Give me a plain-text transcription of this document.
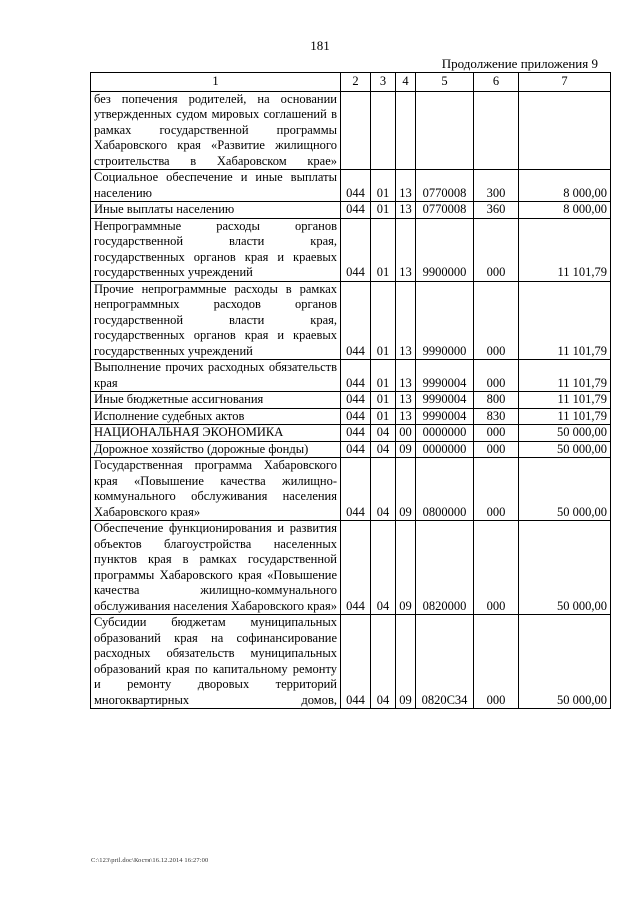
181
Продолжение приложения 9
1	2	3	4	5	6	7
без попечения родителей, на основании утвержденных судом мировых соглашений в рамках государственной программы Хабаровского края «Развитие жилищного строительства в Хабаровском крае»						
Социальное обеспечение и иные выплаты населению	044	01	13	0770008	300	8 000,00
Иные выплаты населению	044	01	13	0770008	360	8 000,00
Непрограммные расходы органов государственной власти края, государственных органов края и краевых государственных учреждений	044	01	13	9900000	000	11 101,79
Прочие непрограммные расходы в рамках непрограммных расходов органов государственной власти края, государственных органов края и краевых государственных учреждений	044	01	13	9990000	000	11 101,79
Выполнение прочих расходных обязательств края	044	01	13	9990004	000	11 101,79
Иные бюджетные ассигнования	044	01	13	9990004	800	11 101,79
Исполнение судебных актов	044	01	13	9990004	830	11 101,79
НАЦИОНАЛЬНАЯ ЭКОНОМИКА	044	04	00	0000000	000	50 000,00
Дорожное хозяйство (дорожные фонды)	044	04	09	0000000	000	50 000,00
Государственная программа Хабаровского края «Повышение качества жилищно-коммунального обслуживания населения Хабаровского края»	044	04	09	0800000	000	50 000,00
Обеспечение функционирования и развития объектов благоустройства населенных пунктов края в рамках государственной программы Хабаровского края «Повышение качества жилищно-коммунального обслуживания населения Хабаровского края»	044	04	09	0820000	000	50 000,00
Субсидии бюджетам муниципальных образований края на софинансирование расходных обязательств муниципальных образований края по капитальному ремонту и ремонту дворовых территорий многоквартирных домов,	044	04	09	0820С34	000	50 000,00
C:\123\pril.doc\Костя\16.12.2014 16:27:00
